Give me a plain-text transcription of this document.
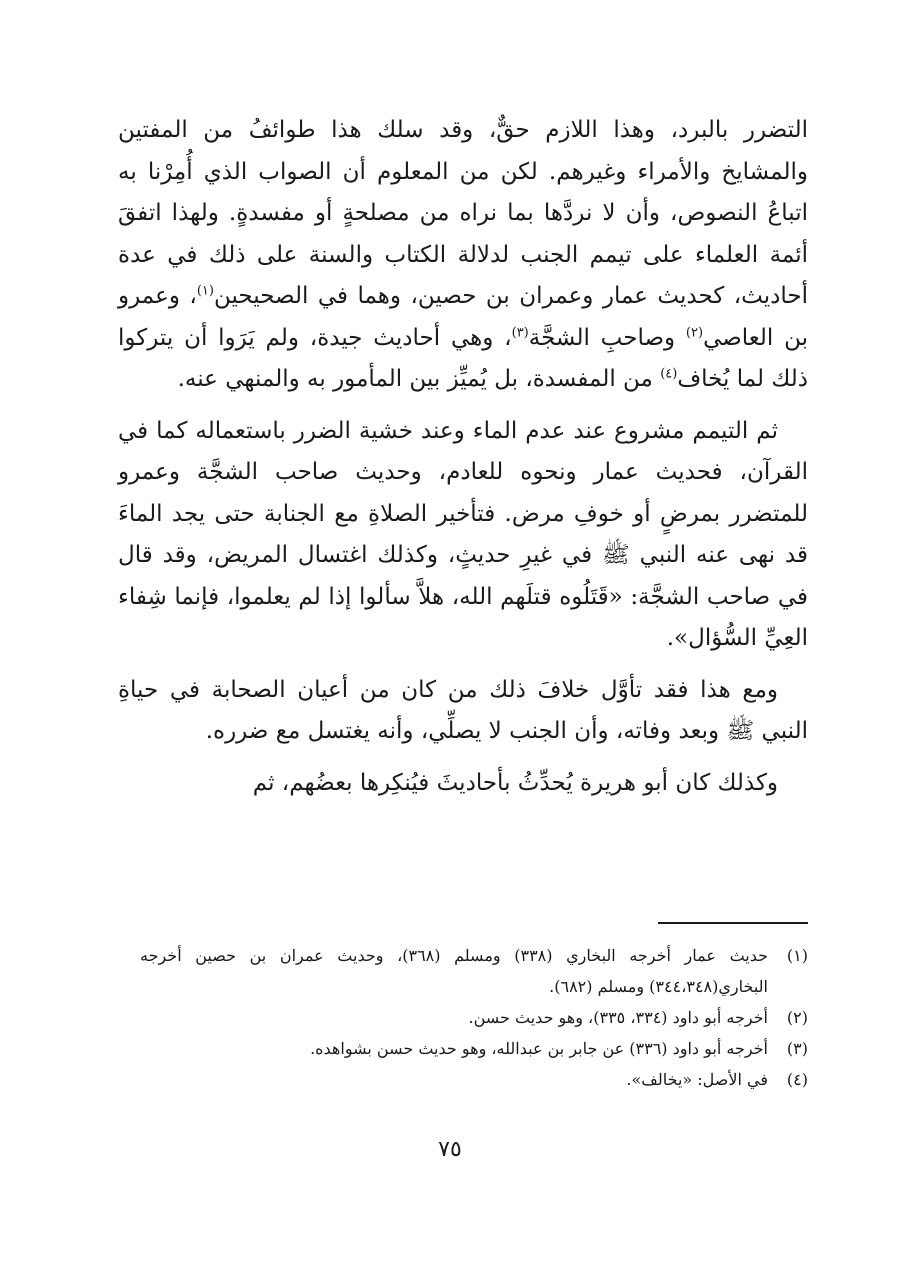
التضرر بالبرد، وهذا اللازم حقٌّ، وقد سلك هذا طوائفُ من المفتين والمشايخ والأمراء وغيرهم. لكن من المعلوم أن الصواب الذي أُمِرْنا به اتباعُ النصوص، وأن لا نردَّها بما نراه من مصلحةٍ أو مفسدةٍ. ولهذا اتفقَ أئمة العلماء على تيمم الجنب لدلالة الكتاب والسنة على ذلك في عدة أحاديث، كحديث عمار وعمران بن حصين، وهما في الصحيحين$^{(١)}$، وعمرو بن العاصي$^{(٢)}$ وصاحبِ الشجَّة$^{(٣)}$، وهي أحاديث جيدة، ولم يَرَوا أن يتركوا ذلك لما يُخاف$^{(٤)}$ من المفسدة، بل يُميِّز بين المأمور به والمنهي عنه.

ثم التيمم مشروع عند عدم الماء وعند خشية الضرر باستعماله كما في القرآن، فحديث عمار ونحوه للعادم، وحديث صاحب الشجَّة وعمرو للمتضرر بمرضٍ أو خوفِ مرض. فتأخير الصلاةِ مع الجنابة حتى يجد الماءَ قد نهى عنه النبي ﷺ في غيرِ حديثٍ، وكذلك اغتسال المريض، وقد قال في صاحب الشجَّة: «قَتَلُوه قتلَهم الله، هلاَّ سألوا إذا لم يعلموا، فإنما شِفاء العِيِّ السُّؤال».

ومع هذا فقد تأوَّل خلافَ ذلك من كان من أعيان الصحابة في حياةِ النبي ﷺ وبعد وفاته، وأن الجنب لا يصلِّي، وأنه يغتسل مع ضرره.

وكذلك كان أبو هريرة يُحدِّثُ بأحاديثَ فيُنكِرها بعضُهم، ثم

(١)
حديث عمار أخرجه البخاري (٣٣٨) ومسلم (٣٦٨)، وحديث عمران بن حصين أخرجه البخاري(٣٤٤،٣٤٨) ومسلم (٦٨٢).
(٢)
أخرجه أبو داود (٣٣٤، ٣٣٥)، وهو حديث حسن.
(٣)
أخرجه أبو داود (٣٣٦) عن جابر بن عبدالله، وهو حديث حسن بشواهده.
(٤)
في الأصل: «يخالف».
٧٥
